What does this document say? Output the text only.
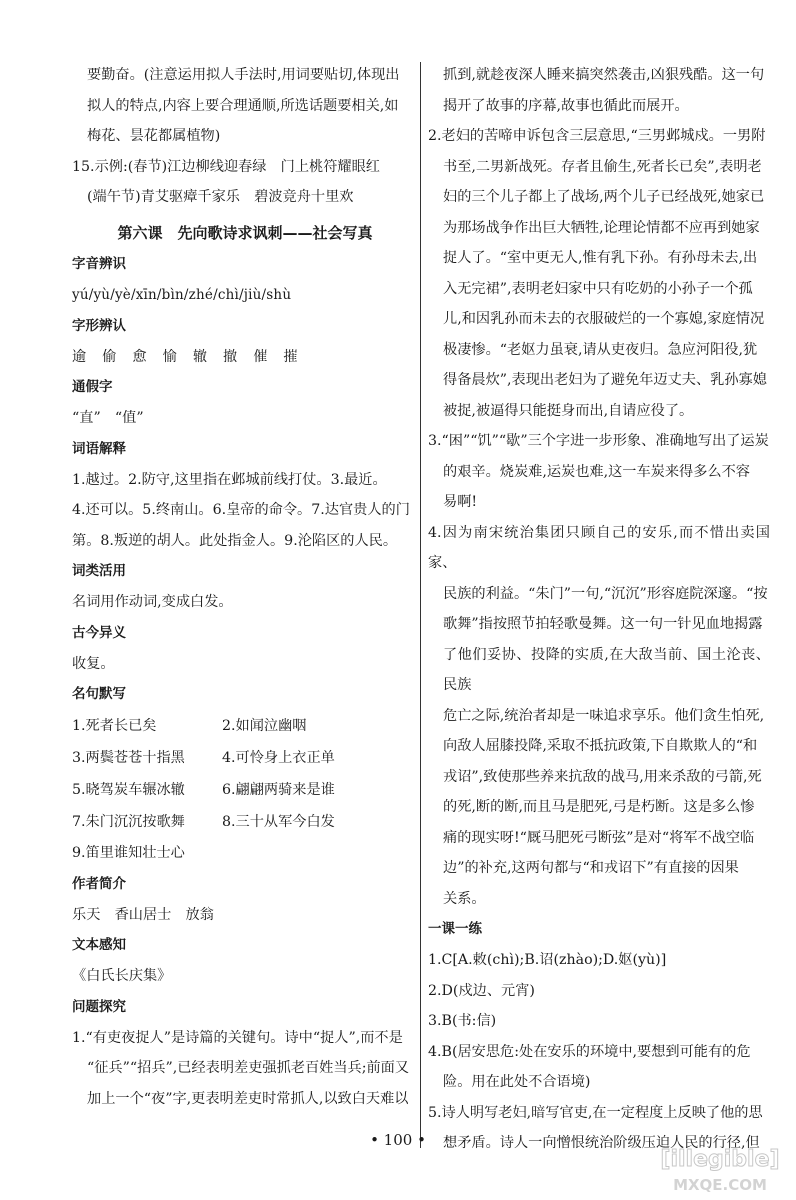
要勤奋。(注意运用拟人手法时,用词要贴切,体现出

拟人的特点,内容上要合理通顺,所选话题要相关,如

梅花、昙花都属植物)

15.示例:(春节)江边柳线迎春绿　门上桃符耀眼红

(端午节)青艾驱瘴千家乐　碧波竞舟十里欢

第六课　先向歌诗求讽刺——社会写真

字音辨识

yú/yù/yè/xīn/bìn/zhé/chì/jiù/shù

字形辨认

逾 偷 愈 愉 辙 撤 催 摧

通假字

“直”　“值”

词语解释

1.越过。2.防守,这里指在邺城前线打仗。3.最近。

4.还可以。5.终南山。6.皇帝的命令。7.达官贵人的门

第。8.叛逆的胡人。此处指金人。9.沦陷区的人民。

词类活用

名词用作动词,变成白发。

古今异义

收复。

名句默写

1.死者长已矣	2.如闻泣幽咽
3.两鬓苍苍十指黑	4.可怜身上衣正单
5.晓驾炭车辗冰辙	6.翩翩两骑来是谁
7.朱门沉沉按歌舞	8.三十从军今白发

9.笛里谁知壮士心

作者简介

乐天　香山居士　放翁

文本感知

《白氏长庆集》

问题探究

1.“有吏夜捉人”是诗篇的关键句。诗中“捉人”,而不是

“征兵”“招兵”,已经表明差吏强抓老百姓当兵;前面又

加上一个“夜”字,更表明差吏时常抓人,以致白天难以

抓到,就趁夜深人睡来搞突然袭击,凶狠残酷。这一句

揭开了故事的序幕,故事也循此而展开。

2.老妇的苦啼申诉包含三层意思,“三男邺城戍。一男附

书至,二男新战死。存者且偷生,死者长已矣”,表明老

妇的三个儿子都上了战场,两个儿子已经战死,她家已

为那场战争作出巨大牺牲,论理论情都不应再到她家

捉人了。“室中更无人,惟有乳下孙。有孙母未去,出

入无完裙”,表明老妇家中只有吃奶的小孙子一个孤

儿,和因乳孙而未去的衣服破烂的一个寡媳,家庭情况

极凄惨。“老妪力虽衰,请从吏夜归。急应河阳役,犹

得备晨炊”,表现出老妇为了避免年迈丈夫、乳孙寡媳

被捉,被逼得只能挺身而出,自请应役了。

3.“困”“饥”“歇”三个字进一步形象、准确地写出了运炭

的艰辛。烧炭难,运炭也难,这一车炭来得多么不容

易啊!

4.因为南宋统治集团只顾自己的安乐,而不惜出卖国家、

民族的利益。“朱门”一句,“沉沉”形容庭院深邃。“按

歌舞”指按照节拍轻歌曼舞。这一句一针见血地揭露

了他们妥协、投降的实质,在大敌当前、国土沦丧、民族

危亡之际,统治者却是一味追求享乐。他们贪生怕死,

向敌人屈膝投降,采取不抵抗政策,下自欺欺人的“和

戎诏”,致使那些养来抗敌的战马,用来杀敌的弓箭,死

的死,断的断,而且马是肥死,弓是朽断。这是多么惨

痛的现实呀!“厩马肥死弓断弦”是对“将军不战空临

边”的补充,这两句都与“和戎诏下”有直接的因果

关系。

一课一练

1.C[A.敕(chì);B.诏(zhào);D.妪(yù)]

2.D(戍边、元宵)

3.B(书:信)

4.B(居安思危:处在安乐的环境中,要想到可能有的危

险。用在此处不合语境)

5.诗人明写老妇,暗写官吏,在一定程度上反映了他的思

想矛盾。诗人一向憎恨统治阶级压迫人民的行径,但

• 100 •
[illegible]
MXQE.COM
